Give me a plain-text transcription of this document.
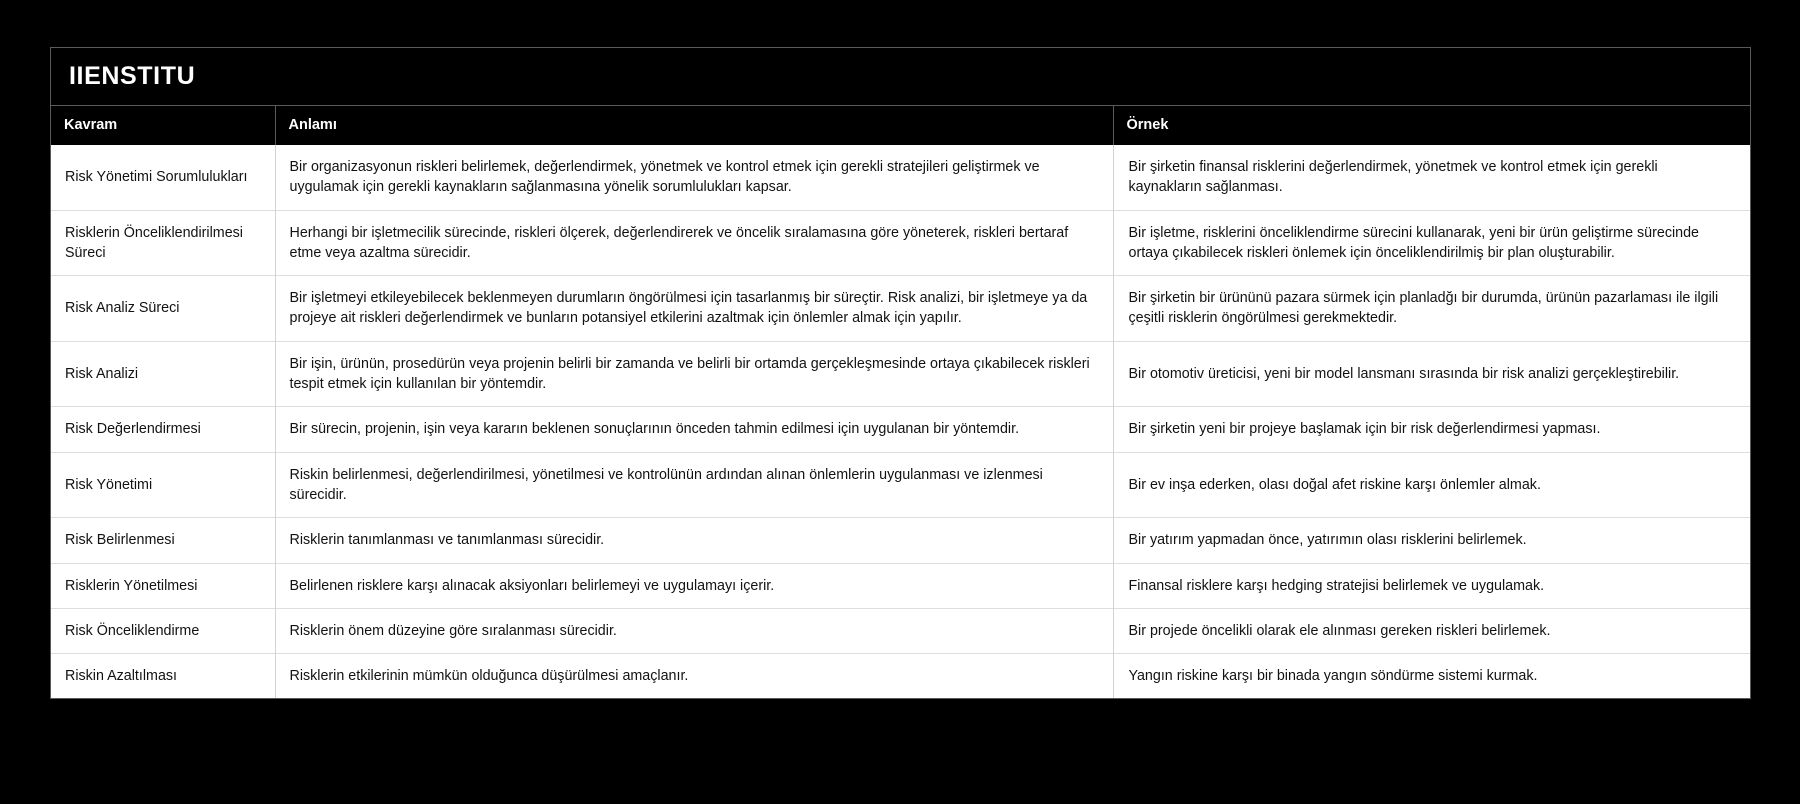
IIENSTITU
Kavram	Anlamı	Örnek
Risk Yönetimi Sorumlulukları	Bir organizasyonun riskleri belirlemek, değerlendirmek, yönetmek ve kontrol etmek için gerekli stratejileri geliştirmek ve uygulamak için gerekli kaynakların sağlanmasına yönelik sorumlulukları kapsar.	Bir şirketin finansal risklerini değerlendirmek, yönetmek ve kontrol etmek için gerekli kaynakların sağlanması.
Risklerin Önceliklendirilmesi Süreci	Herhangi bir işletmecilik sürecinde, riskleri ölçerek, değerlendirerek ve öncelik sıralamasına göre yöneterek, riskleri bertaraf etme veya azaltma sürecidir.	Bir işletme, risklerini önceliklendirme sürecini kullanarak, yeni bir ürün geliştirme sürecinde ortaya çıkabilecek riskleri önlemek için önceliklendirilmiş bir plan oluşturabilir.
Risk Analiz Süreci	Bir işletmeyi etkileyebilecek beklenmeyen durumların öngörülmesi için tasarlanmış bir süreçtir. Risk analizi, bir işletmeye ya da projeye ait riskleri değerlendirmek ve bunların potansiyel etkilerini azaltmak için önlemler almak için yapılır.	Bir şirketin bir ürününü pazara sürmek için planladğı bir durumda, ürünün pazarlaması ile ilgili çeşitli risklerin öngörülmesi gerekmektedir.
Risk Analizi	Bir işin, ürünün, prosedürün veya projenin belirli bir zamanda ve belirli bir ortamda gerçekleşmesinde ortaya çıkabilecek riskleri tespit etmek için kullanılan bir yöntemdir.	Bir otomotiv üreticisi, yeni bir model lansmanı sırasında bir risk analizi gerçekleştirebilir.
Risk Değerlendirmesi	Bir sürecin, projenin, işin veya kararın beklenen sonuçlarının önceden tahmin edilmesi için uygulanan bir yöntemdir.	Bir şirketin yeni bir projeye başlamak için bir risk değerlendirmesi yapması.
Risk Yönetimi	Riskin belirlenmesi, değerlendirilmesi, yönetilmesi ve kontrolünün ardından alınan önlemlerin uygulanması ve izlenmesi sürecidir.	Bir ev inşa ederken, olası doğal afet riskine karşı önlemler almak.
Risk Belirlenmesi	Risklerin tanımlanması ve tanımlanması sürecidir.	Bir yatırım yapmadan önce, yatırımın olası risklerini belirlemek.
Risklerin Yönetilmesi	Belirlenen risklere karşı alınacak aksiyonları belirlemeyi ve uygulamayı içerir.	Finansal risklere karşı hedging stratejisi belirlemek ve uygulamak.
Risk Önceliklendirme	Risklerin önem düzeyine göre sıralanması sürecidir.	Bir projede öncelikli olarak ele alınması gereken riskleri belirlemek.
Riskin Azaltılması	Risklerin etkilerinin mümkün olduğunca düşürülmesi amaçlanır.	Yangın riskine karşı bir binada yangın söndürme sistemi kurmak.
